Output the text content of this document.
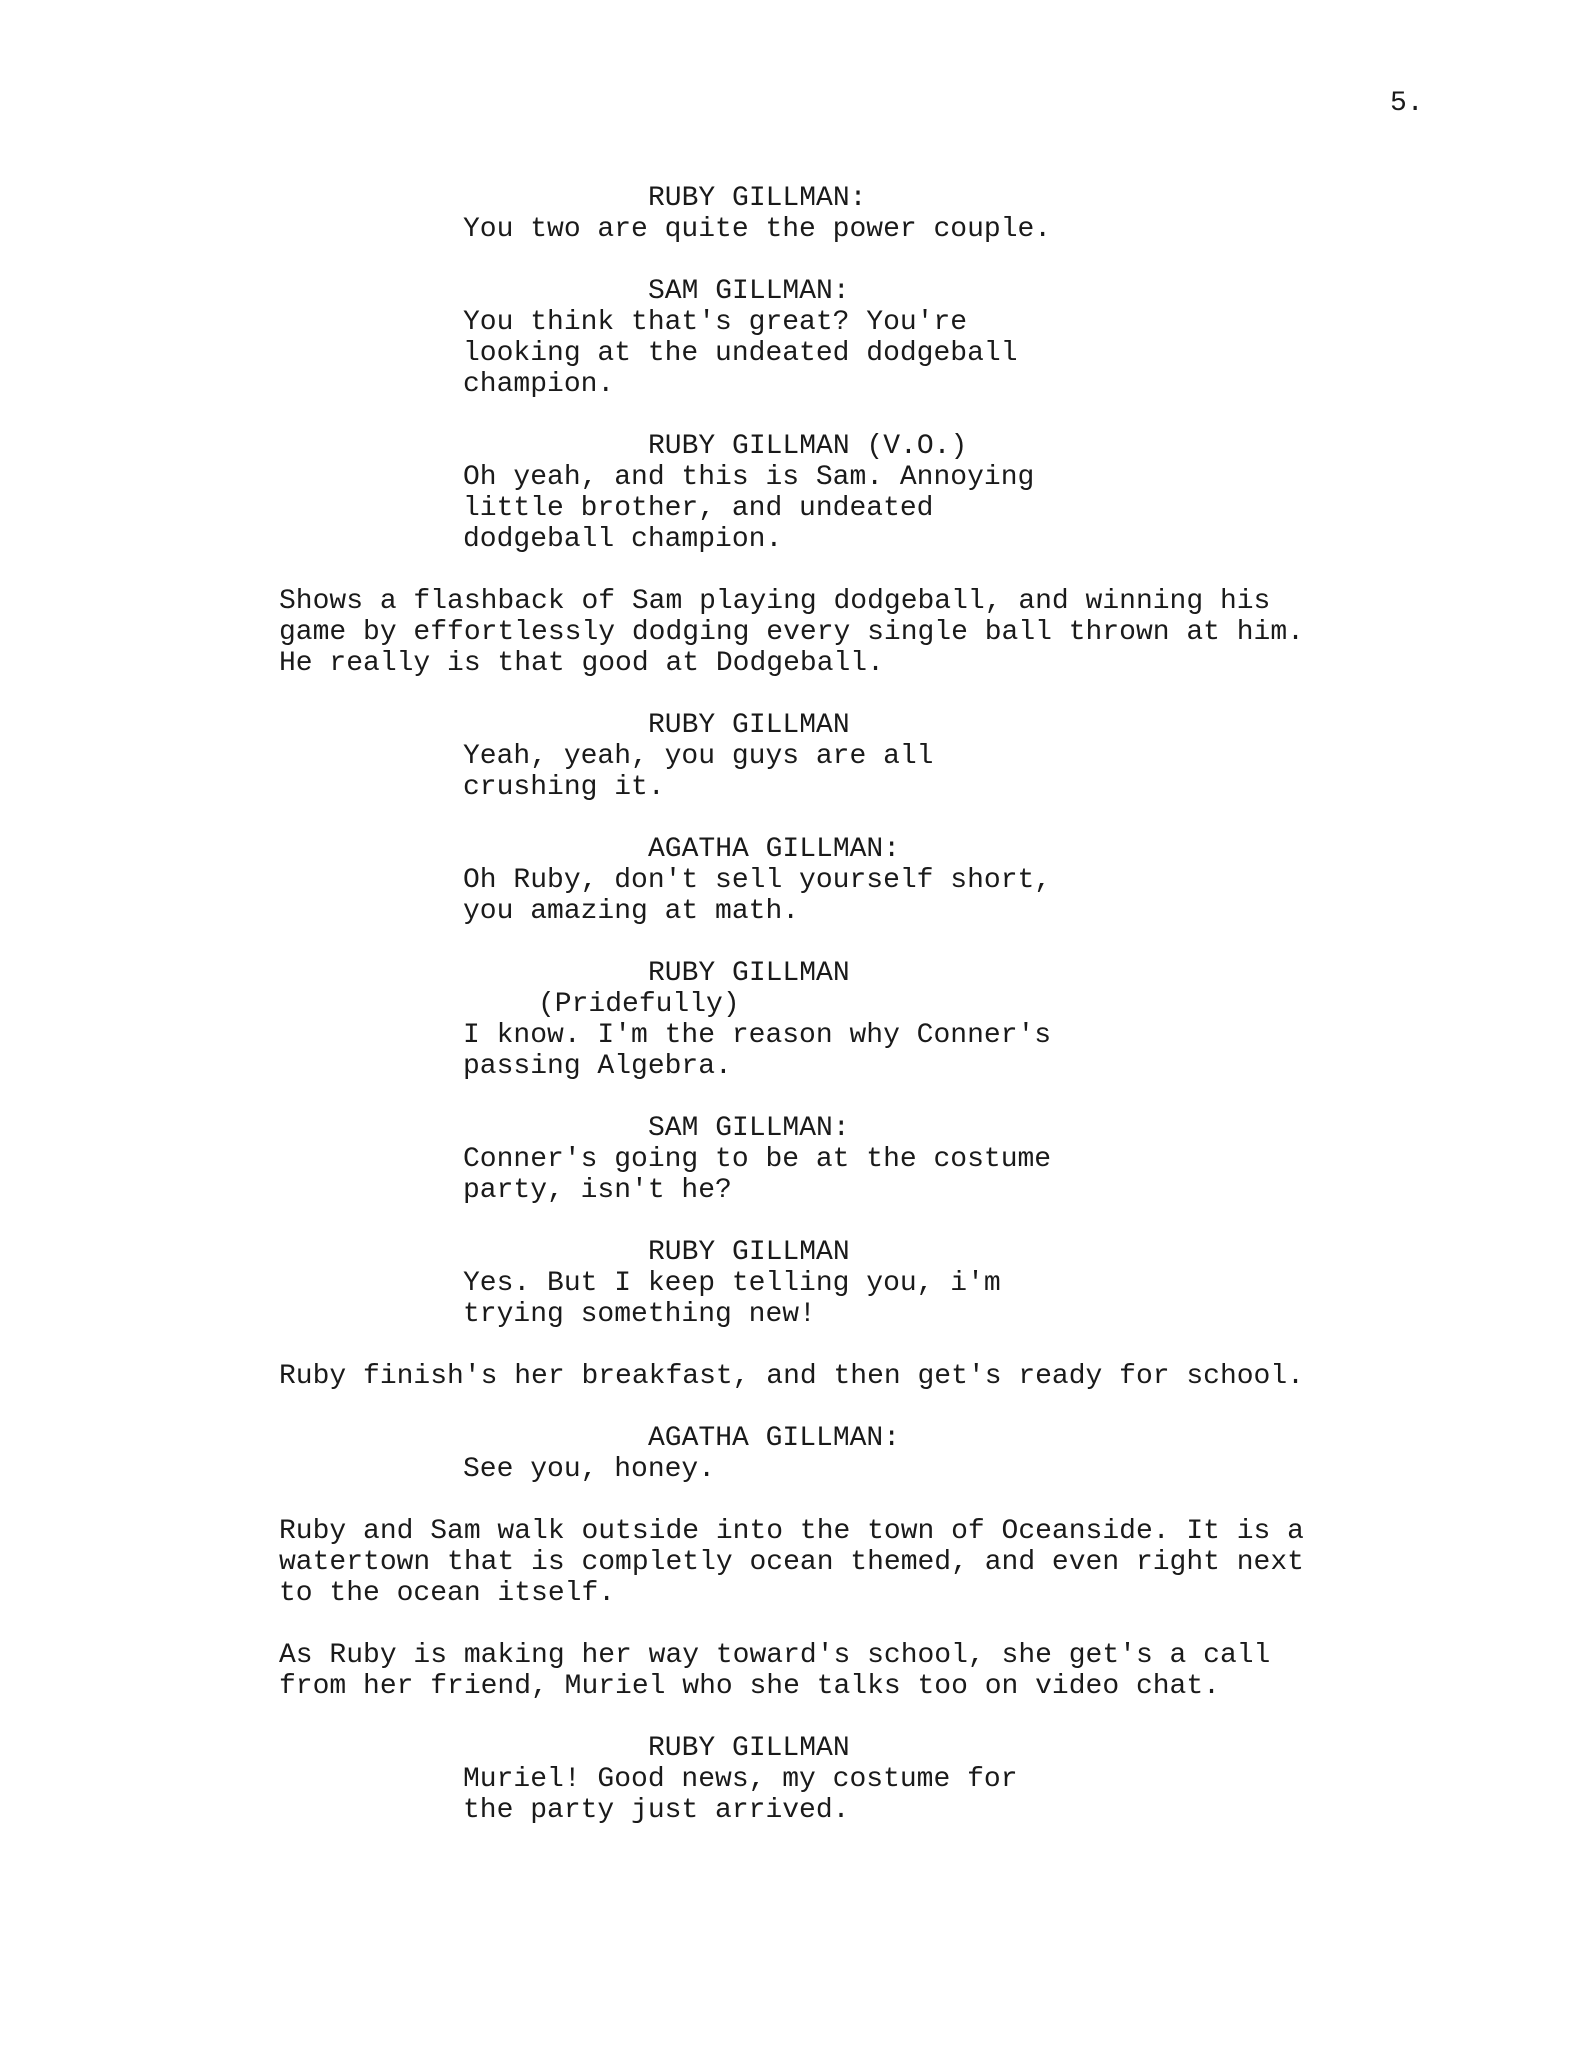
5.
RUBY GILLMAN:
You two are quite the power couple.
SAM GILLMAN:
You think that's great? You're
looking at the undeated dodgeball
champion.
RUBY GILLMAN (V.O.)
Oh yeah, and this is Sam. Annoying
little brother, and undeated
dodgeball champion.
Shows a flashback of Sam playing dodgeball, and winning his
game by effortlessly dodging every single ball thrown at him.
He really is that good at Dodgeball.
RUBY GILLMAN
Yeah, yeah, you guys are all
crushing it.
AGATHA GILLMAN:
Oh Ruby, don't sell yourself short,
you amazing at math.
RUBY GILLMAN
(Pridefully)
I know. I'm the reason why Conner's
passing Algebra.
SAM GILLMAN:
Conner's going to be at the costume
party, isn't he?
RUBY GILLMAN
Yes. But I keep telling you, i'm
trying something new!
Ruby finish's her breakfast, and then get's ready for school.
AGATHA GILLMAN:
See you, honey.
Ruby and Sam walk outside into the town of Oceanside. It is a
watertown that is completly ocean themed, and even right next
to the ocean itself.
As Ruby is making her way toward's school, she get's a call
from her friend, Muriel who she talks too on video chat.
RUBY GILLMAN
Muriel! Good news, my costume for
the party just arrived.
